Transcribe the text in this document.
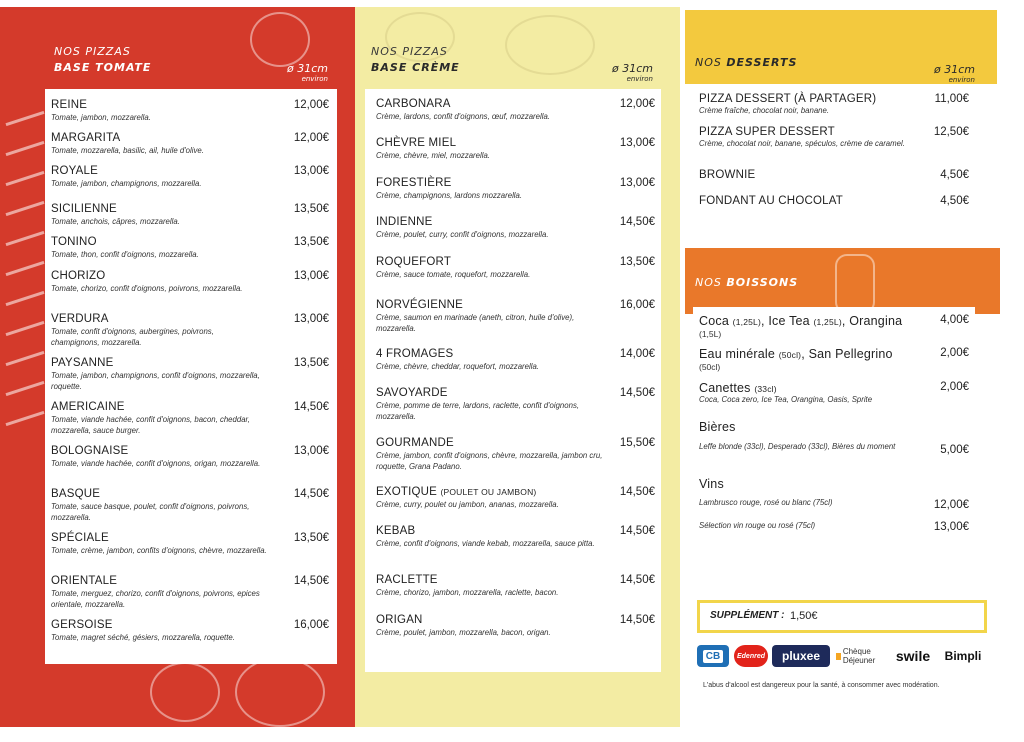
NOS PIZZAS
BASE TOMATE	ø 31cm
environ
REINE
Tomate, jambon, mozzarella.
12,00€
MARGARITA
Tomate, mozzarella, basilic, ail, huile d'olive.
12,00€
ROYALE
Tomate, jambon, champignons, mozzarella.
13,00€
SICILIENNE
Tomate, anchois, câpres, mozzarella.
13,50€
TONINO
Tomate, thon, confit d'oignons, mozzarella.
13,50€
CHORIZO
Tomate, chorizo, confit d'oignons, poivrons, mozzarella.
13,00€
VERDURA
Tomate, confit d'oignons, aubergines, poivrons, champignons, mozzarella.
13,00€
PAYSANNE
Tomate, jambon, champignons, confit d'oignons, mozzarella, roquette.
13,50€
AMERICAINE
Tomate, viande hachée, confit d'oignons, bacon, cheddar, mozzarella, sauce burger.
14,50€
BOLOGNAISE
Tomate, viande hachée, confit d'oignons, origan, mozzarella.
13,00€
BASQUE
Tomate, sauce basque, poulet, confit d'oignons, poivrons, mozzarella.
14,50€
SPÉCIALE
Tomate, crème, jambon, confits d'oignons, chèvre, mozzarella.
13,50€
ORIENTALE
Tomate, merguez, chorizo, confit d'oignons, poivrons, epices orientale, mozzarella.
14,50€
GERSOISE
Tomate, magret séché, gésiers, mozzarella, roquette.
16,00€
NOS PIZZAS
BASE CRÈME	ø 31cm
environ
CARBONARA
Crème, lardons, confit d'oignons, œuf, mozzarella.
12,00€
CHÈVRE MIEL
Crème, chèvre, miel, mozzarella.
13,00€
FORESTIÈRE
Crème, champignons, lardons mozzarella.
13,00€
INDIENNE
Crème, poulet, curry, confit d'oignons, mozzarella.
14,50€
ROQUEFORT
Crème, sauce tomate, roquefort, mozzarella.
13,50€
NORVÉGIENNE
Crème, saumon en marinade (aneth, citron, huile d'olive), mozzarella.
16,00€
4 FROMAGES
Crème, chèvre, cheddar, roquefort, mozzarella.
14,00€
SAVOYARDE
Crème, pomme de terre, lardons, raclette, confit d'oignons, mozzarella.
14,50€
GOURMANDE
Crème, jambon, confit d'oignons, chèvre, mozzarella, jambon cru, roquette, Grana Padano.
15,50€
EXOTIQUE (POULET OU JAMBON)
Crème, curry, poulet ou jambon, ananas, mozzarella.
14,50€
KEBAB
Crème, confit d'oignons, viande kebab, mozzarella, sauce pitta.
14,50€
RACLETTE
Crème, chorizo, jambon, mozzarella, raclette, bacon.
14,50€
ORIGAN
Crème, poulet, jambon, mozzarella, bacon, origan.
14,50€
NOS DESSERTS
ø 31cm
environ
PIZZA DESSERT (À PARTAGER)
Crème fraîche, chocolat noir, banane.
11,00€
PIZZA SUPER DESSERT
Crème, chocolat noir, banane, spéculos, crème de caramel.
12,50€
BROWNIE	4,50€
FONDANT AU CHOCOLAT	4,50€
NOS BOISSONS
Coca (1,25L), Ice Tea (1,25L), Orangina
(1,5L)
4,00€
Eau minérale (50cl), San Pellegrino
(50cl)
2,00€
Canettes (33cl)
Coca, Coca zero, Ice Tea, Orangina, Oasis, Sprite
2,00€
Bières
Leffe blonde (33cl), Desperado (33cl), Bières du moment	5,00€
Vins
Lambrusco rouge, rosé ou blanc (75cl)	12,00€
Sélection vin rouge ou rosé (75cl)	13,00€
SUPPLÉMENT : 1,50€
CB	Edenred pluxee	Chèque Déjeuner	swile Bimpli
L'abus d'alcool est dangereux pour la santé, à consommer avec modération.
